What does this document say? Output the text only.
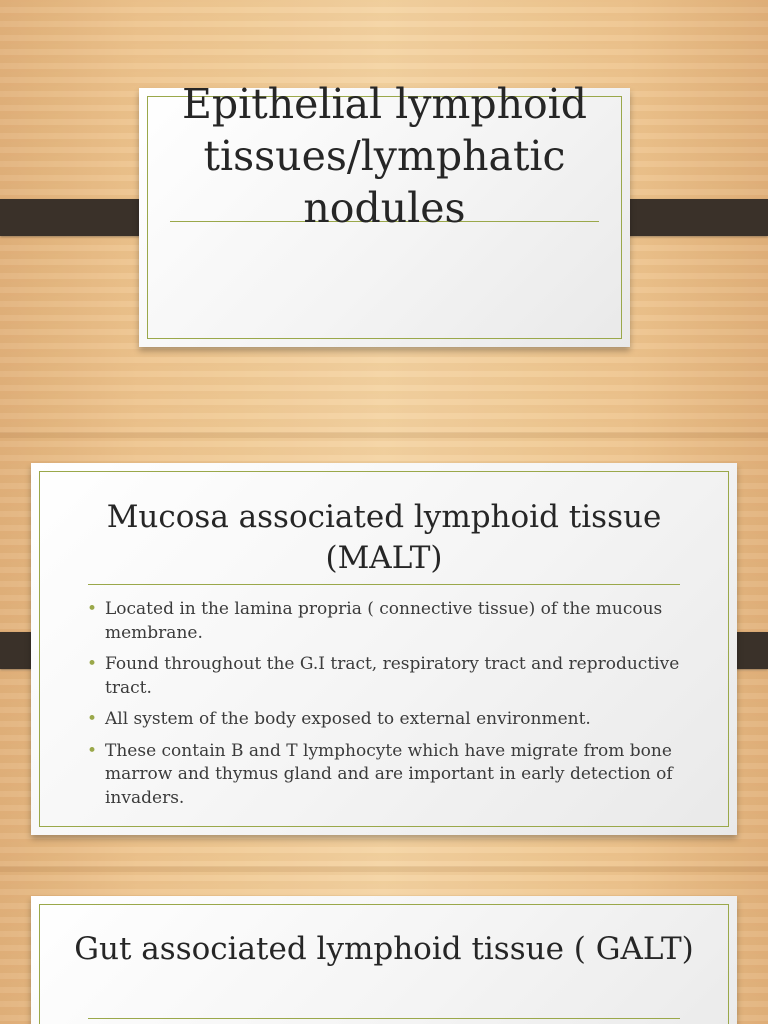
Epithelial lymphoid tissues/lymphatic nodules
Mucosa associated lymphoid tissue (MALT)
• Located in the lamina propria ( connective tissue) of the mucous membrane.
• Found throughout the G.I tract, respiratory tract and reproductive tract.
• All system of the body exposed to external environment.
• These contain B and T lymphocyte which have migrate from bone marrow and thymus gland and are important in early detection of invaders.
Gut associated lymphoid tissue ( GALT)
